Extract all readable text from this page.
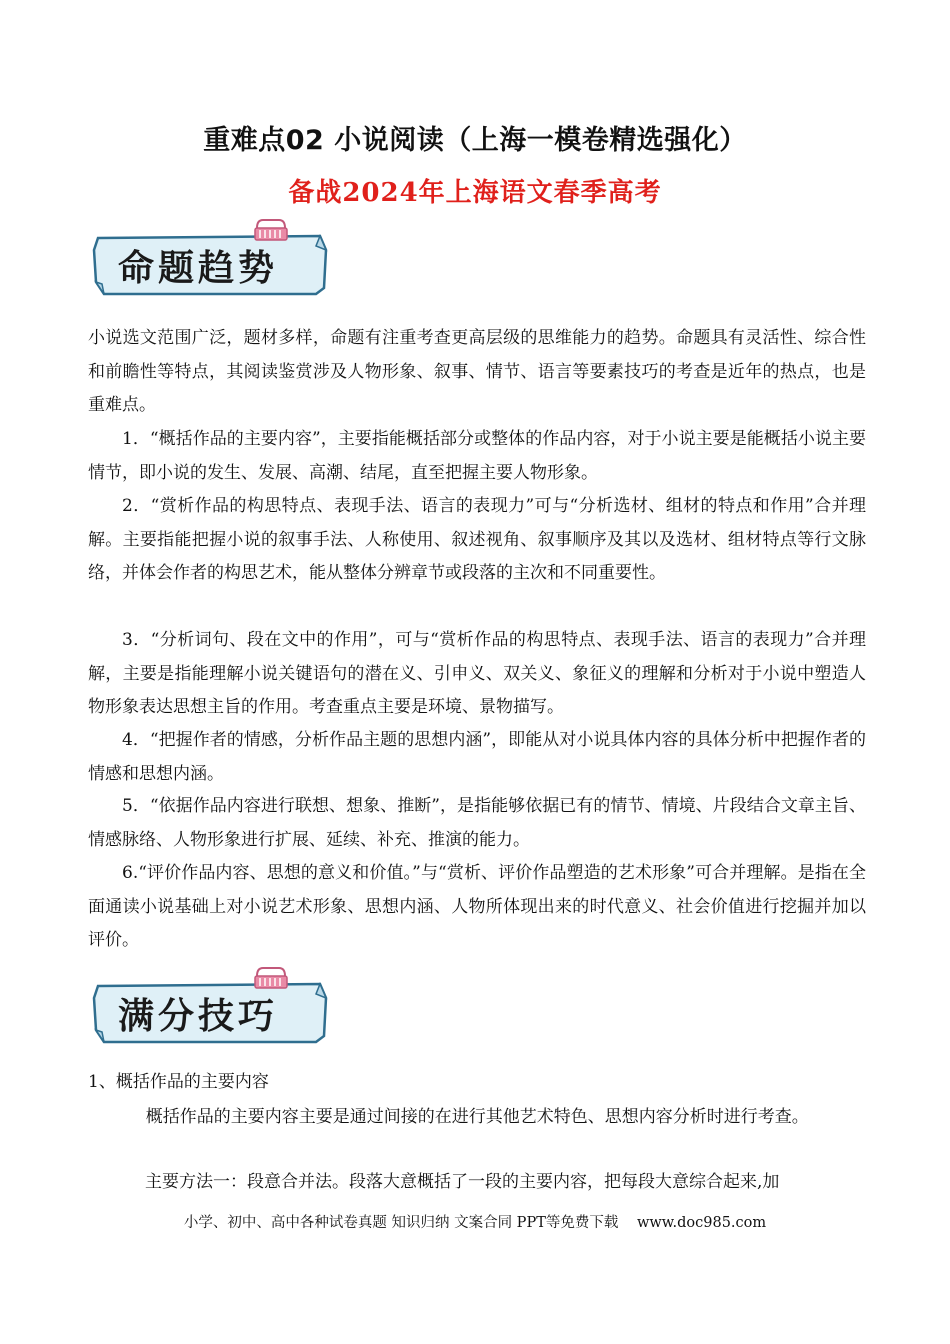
重难点02 小说阅读（上海一模卷精选强化）
备战2024年上海语文春季高考
命题趋势
小说选文范围广泛，题材多样，命题有注重考查更高层级的思维能力的趋势。命题具有灵活性、综合性和前瞻性等特点，其阅读鉴赏涉及人物形象、叙事、情节、语言等要素技巧的考查是近年的热点，也是重难点。
1．“概括作品的主要内容”，主要指能概括部分或整体的作品内容，对于小说主要是能概括小说主要情节，即小说的发生、发展、高潮、结尾，直至把握主要人物形象。
2．“赏析作品的构思特点、表现手法、语言的表现力”可与“分析选材、组材的特点和作用”合并理解。主要指能把握小说的叙事手法、人称使用、叙述视角、叙事顺序及其以及选材、组材特点等行文脉络，并体会作者的构思艺术，能从整体分辨章节或段落的主次和不同重要性。
3．“分析词句、段在文中的作用”，可与“赏析作品的构思特点、表现手法、语言的表现力”合并理解，主要是指能理解小说关键语句的潜在义、引申义、双关义、象征义的理解和分析对于小说中塑造人物形象表达思想主旨的作用。考查重点主要是环境、景物描写。
4．“把握作者的情感，分析作品主题的思想内涵”，即能从对小说具体内容的具体分析中把握作者的情感和思想内涵。
5．“依据作品内容进行联想、想象、推断”，是指能够依据已有的情节、情境、片段结合文章主旨、情感脉络、人物形象进行扩展、延续、补充、推演的能力。
6.“评价作品内容、思想的意义和价值。”与“赏析、评价作品塑造的艺术形象”可合并理解。是指在全面通读小说基础上对小说艺术形象、思想内涵、人物所体现出来的时代意义、社会价值进行挖掘并加以评价。
满分技巧
1、概括作品的主要内容
概括作品的主要内容主要是通过间接的在进行其他艺术特色、思想内容分析时进行考查。
主要方法一：段意合并法。段落大意概括了一段的主要内容，把每段大意综合起来,加
小学、初中、高中各种试卷真题 知识归纳 文案合同 PPT等免费下载 www.doc985.com
